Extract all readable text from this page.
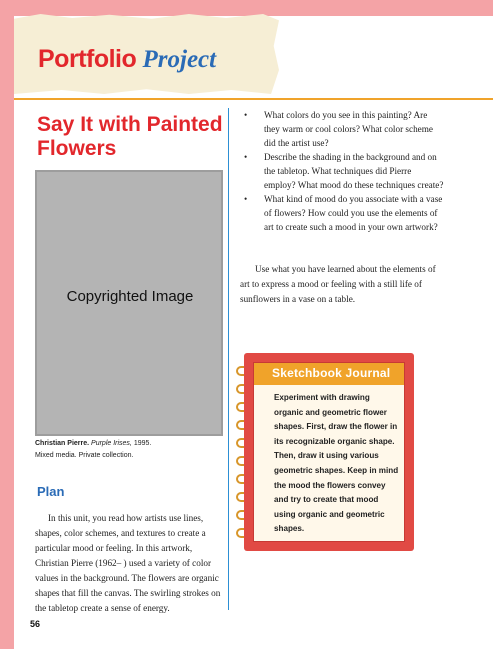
Portfolio Project
Say It with Painted Flowers
Copyrighted Image
Christian Pierre. Purple Irises, 1995.
Mixed media. Private collection.
Plan

In this unit, you read how artists use lines, shapes, color schemes, and textures to create a particular mood or feeling. In this artwork, Christian Pierre (1962– ) used a variety of color values in the background. The flowers are organic shapes that fill the canvas. The swirling strokes on the tabletop create a sense of energy.

• What colors do you see in this painting? Are they warm or cool colors? What color scheme did the artist use?
• Describe the shading in the background and on the tabletop. What techniques did Pierre employ? What mood do these techniques create?
• What kind of mood do you associate with a vase of flowers? How could you use the elements of art to create such a mood in your own artwork?

Use what you have learned about the elements of art to express a mood or feeling with a still life of sunflowers in a vase on a table.

Sketchbook Journal

Experiment with drawing organic and geometric flower shapes. First, draw the flower in its recognizable organic shape. Then, draw it using various geometric shapes. Keep in mind the mood the flowers convey and try to create that mood using organic and geometric shapes.

56
